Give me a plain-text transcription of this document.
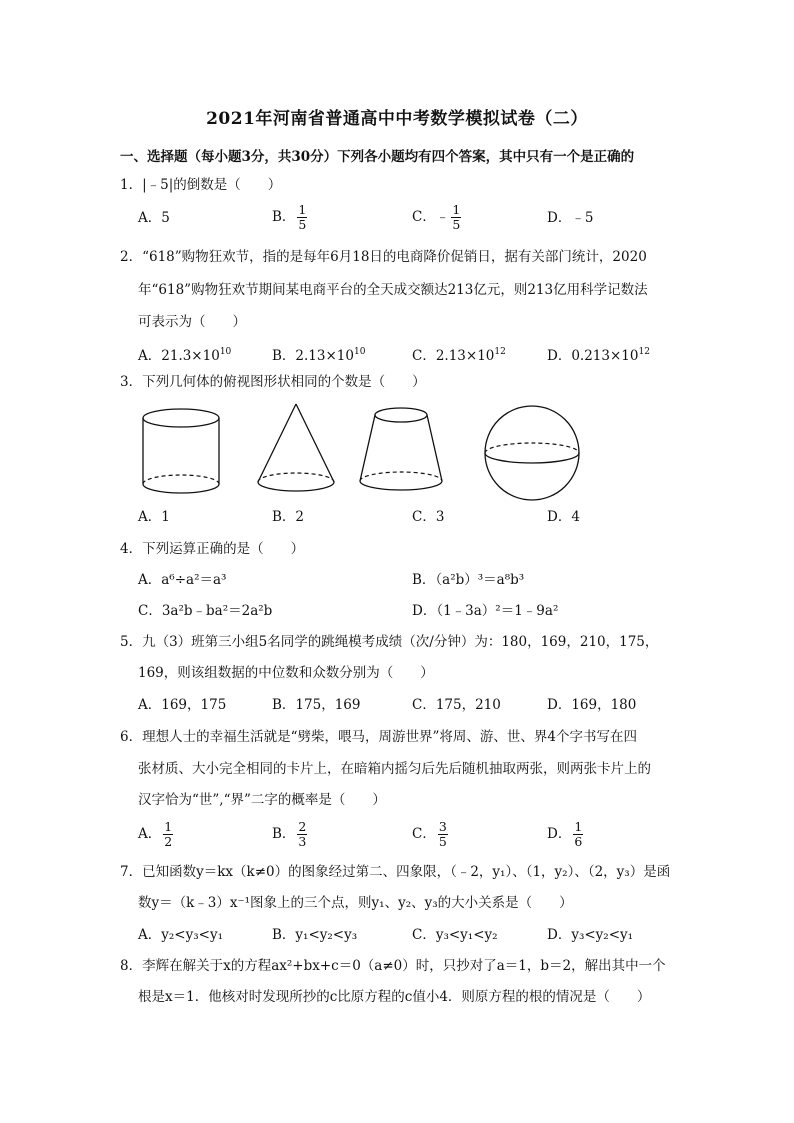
2021年河南省普通高中中考数学模拟试卷（二）
一、选择题（每小题3分，共30分）下列各小题均有四个答案，其中只有一个是正确的
1．|﹣5|的倒数是（　　）
A．5	B． $\frac{1}{5}$	C．﹣ $\frac{1}{5}$	D．﹣5
2．“618”购物狂欢节，指的是每年6月18日的电商降价促销日，据有关部门统计，2020
年“618”购物狂欢节期间某电商平台的全天成交额达213亿元，则213亿用科学记数法
可表示为（　　）
A．$21.3\times 10^{10}$	B．$2.13\times 10^{10}$	C．$2.13\times 10^{12}$	D．$0.213\times 10^{12}$
3．下列几何体的俯视图形状相同的个数是（　　）
A．1	B．2	C．3	D．4
4．下列运算正确的是（　　）
A．a⁶÷a²＝a³	B．（a²b）³＝a⁸b³
C．3a²b﹣ba²＝2a²b	D．（1﹣3a）²＝1﹣9a²
5．九（3）班第三小组5名同学的跳绳模考成绩（次/分钟）为：180，169，210，175，
169，则该组数据的中位数和众数分别为（　　）
A．169，175	B．175，169	C．175，210	D．169，180
6．理想人士的幸福生活就是“劈柴，喂马，周游世界”将周、游、世、界4个字书写在四
张材质、大小完全相同的卡片上，在暗箱内摇匀后先后随机抽取两张，则两张卡片上的
汉字恰为“世”,“界”二字的概率是（　　）
A． $\frac{1}{2}$	B． $\frac{2}{3}$	C． $\frac{3}{5}$	D． $\frac{1}{6}$
7．已知函数y＝kx（k≠0）的图象经过第二、四象限，（﹣2，y₁）、（1，y₂）、（2，y₃）是函
数y＝（k﹣3）x⁻¹图象上的三个点，则y₁、y₂、y₃的大小关系是（　　）
A．y₂<y₃<y₁	B．y₁<y₂<y₃	C．y₃<y₁<y₂	D．y₃<y₂<y₁
8．李辉在解关于x的方程ax²+bx+c＝0（a≠0）时，只抄对了a＝1，b＝2，解出其中一个
根是x＝1．他核对时发现所抄的c比原方程的c值小4．则原方程的根的情况是（　　）
